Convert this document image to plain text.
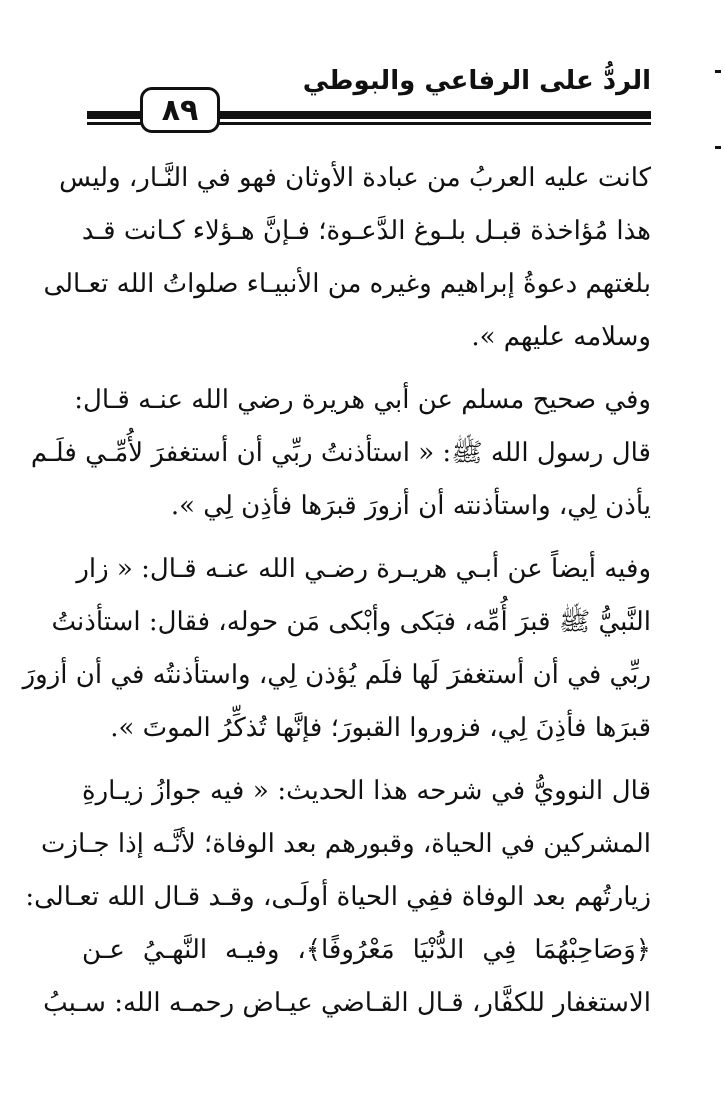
الردُّ على الرفاعي والبوطي
٨٩

كانت عليه العربُ من عبادة الأوثان فهو في النَّـار، وليس
هذا مُؤاخذة قبـل بلـوغ الدَّعـوة؛ فـإنَّ هـؤلاء كـانت قـد
بلغتهم دعوةُ إبراهيم وغيره من الأنبيـاء صلواتُ الله تعـالى
وسلامه عليهم ».

وفي صحيح مسلم عن أبي هريرة رضي الله عنـه قـال:
قال رسول الله ﷺ: « استأذنتُ ربِّي أن أستغفرَ لأُمِّـي فلَـم
يأذن لِي، واستأذنته أن أزورَ قبرَها فأذِن لِي ».

وفيه أيضاً عن أبـي هريـرة رضـي الله عنـه قـال: « زار
النَّبيُّ ﷺ قبرَ أُمِّه، فبَكى وأبْكى مَن حوله، فقال: استأذنتُ
ربِّي في أن أستغفرَ لَها فلَم يُؤذن لِي، واستأذنتُه في أن أزورَ
قبرَها فأذِنَ لِي، فزوروا القبورَ؛ فإنَّها تُذكِّرُ الموتَ ».

قال النوويُّ في شرحه هذا الحديث: « فيه جوازُ زيـارةِ
المشركين في الحياة، وقبورهم بعد الوفاة؛ لأنَّـه إذا جـازت
زيارتُهم بعد الوفاة ففِي الحياة أولَـى، وقـد قـال الله تعـالى:
﴿وَصَاحِبْهُمَا فِي الدُّنْيَا مَعْرُوفًا﴾، وفيـه النَّهـيُ عـن
الاستغفار للكفَّار، قـال القـاضي عيـاض رحمـه الله: سـببُ
